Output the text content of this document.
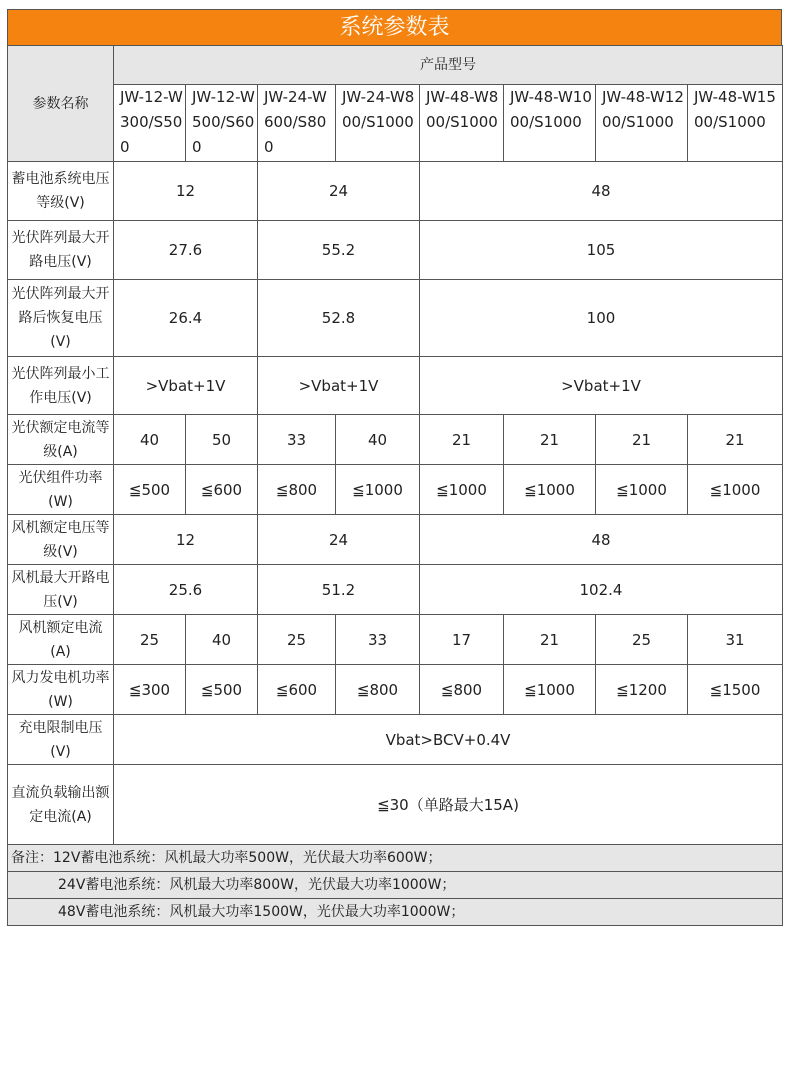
系统参数表
参数名称	产品型号							
	JW-12-W300/S500	JW-12-W500/S600	JW-24-W600/S800	JW-24-W800/S1000	JW-48-W800/S1000	JW-48-W1000/S1000	JW-48-W1200/S1000	JW-48-W1500/S1000
蓄电池系统电压等级(V)	12		24		48			
光伏阵列最大开路电压(V)	27.6		55.2		105			
光伏阵列最大开路后恢复电压(V)	26.4		52.8		100			
光伏阵列最小工作电压(V)	>Vbat+1V		>Vbat+1V		>Vbat+1V			
光伏额定电流等级(A)	40	50	33	40	21	21	21	21
光伏组件功率(W)	≦500	≦600	≦800	≦1000	≦1000	≦1000	≦1000	≦1000
风机额定电压等级(V)	12		24		48			
风机最大开路电压(V)	25.6		51.2		102.4			
风机额定电流(A)	25	40	25	33	17	21	25	31
风力发电机功率(W)	≦300	≦500	≦600	≦800	≦800	≦1000	≦1200	≦1500
充电限制电压(V)	Vbat>BCV+0.4V							
直流负载输出额定电流(A)	≦30（单路最大15A)							
备注：12V蓄电池系统：风机最大功率500W，光伏最大功率600W；								
24V蓄电池系统：风机最大功率800W，光伏最大功率1000W；								
48V蓄电池系统：风机最大功率1500W，光伏最大功率1000W；								
